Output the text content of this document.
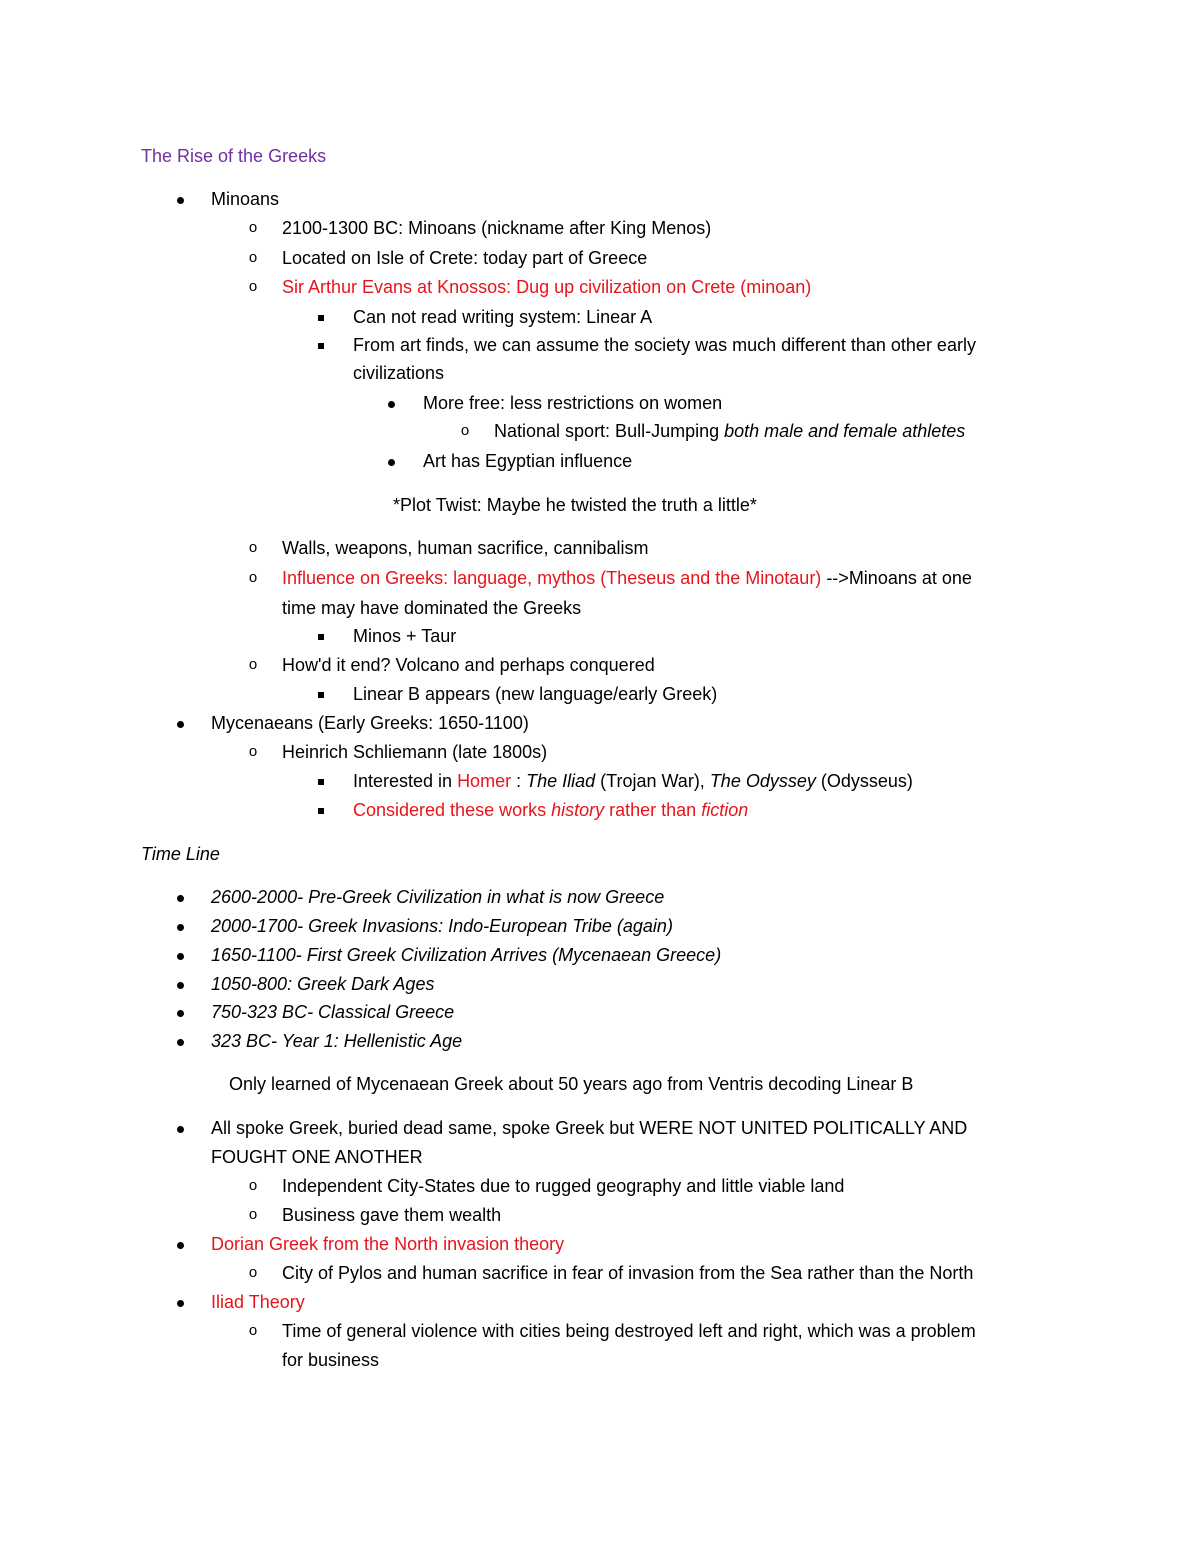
The Rise of the Greeks
Minoans
o 2100-1300 BC: Minoans (nickname after King Menos)
o Located on Isle of Crete: today part of Greece
o Sir Arthur Evans at Knossos: Dug up civilization on Crete (minoan)
Can not read writing system: Linear A
From art finds, we can assume the society was much different than other early
civilizations
More free: less restrictions on women
o National sport: Bull-Jumping both male and female athletes
Art has Egyptian influence
*Plot Twist: Maybe he twisted the truth a little*
o Walls, weapons, human sacrifice, cannibalism
o Influence on Greeks: language, mythos (Theseus and the Minotaur) -->Minoans at one
time may have dominated the Greeks
Minos + Taur
o How'd it end? Volcano and perhaps conquered
Linear B appears (new language/early Greek)
Mycenaeans (Early Greeks: 1650-1100)
o Heinrich Schliemann (late 1800s)
Interested in Homer : The Iliad (Trojan War), The Odyssey (Odysseus)
Considered these works history rather than fiction
Time Line
2600-2000- Pre-Greek Civilization in what is now Greece
2000-1700- Greek Invasions: Indo-European Tribe (again)
1650-1100- First Greek Civilization Arrives (Mycenaean Greece)
1050-800: Greek Dark Ages
750-323 BC- Classical Greece
323 BC- Year 1: Hellenistic Age
Only learned of Mycenaean Greek about 50 years ago from Ventris decoding Linear B
All spoke Greek, buried dead same, spoke Greek but WERE NOT UNITED POLITICALLY AND
FOUGHT ONE ANOTHER
o Independent City-States due to rugged geography and little viable land
o Business gave them wealth
Dorian Greek from the North invasion theory
o City of Pylos and human sacrifice in fear of invasion from the Sea rather than the North
Iliad Theory
o Time of general violence with cities being destroyed left and right, which was a problem
for business
